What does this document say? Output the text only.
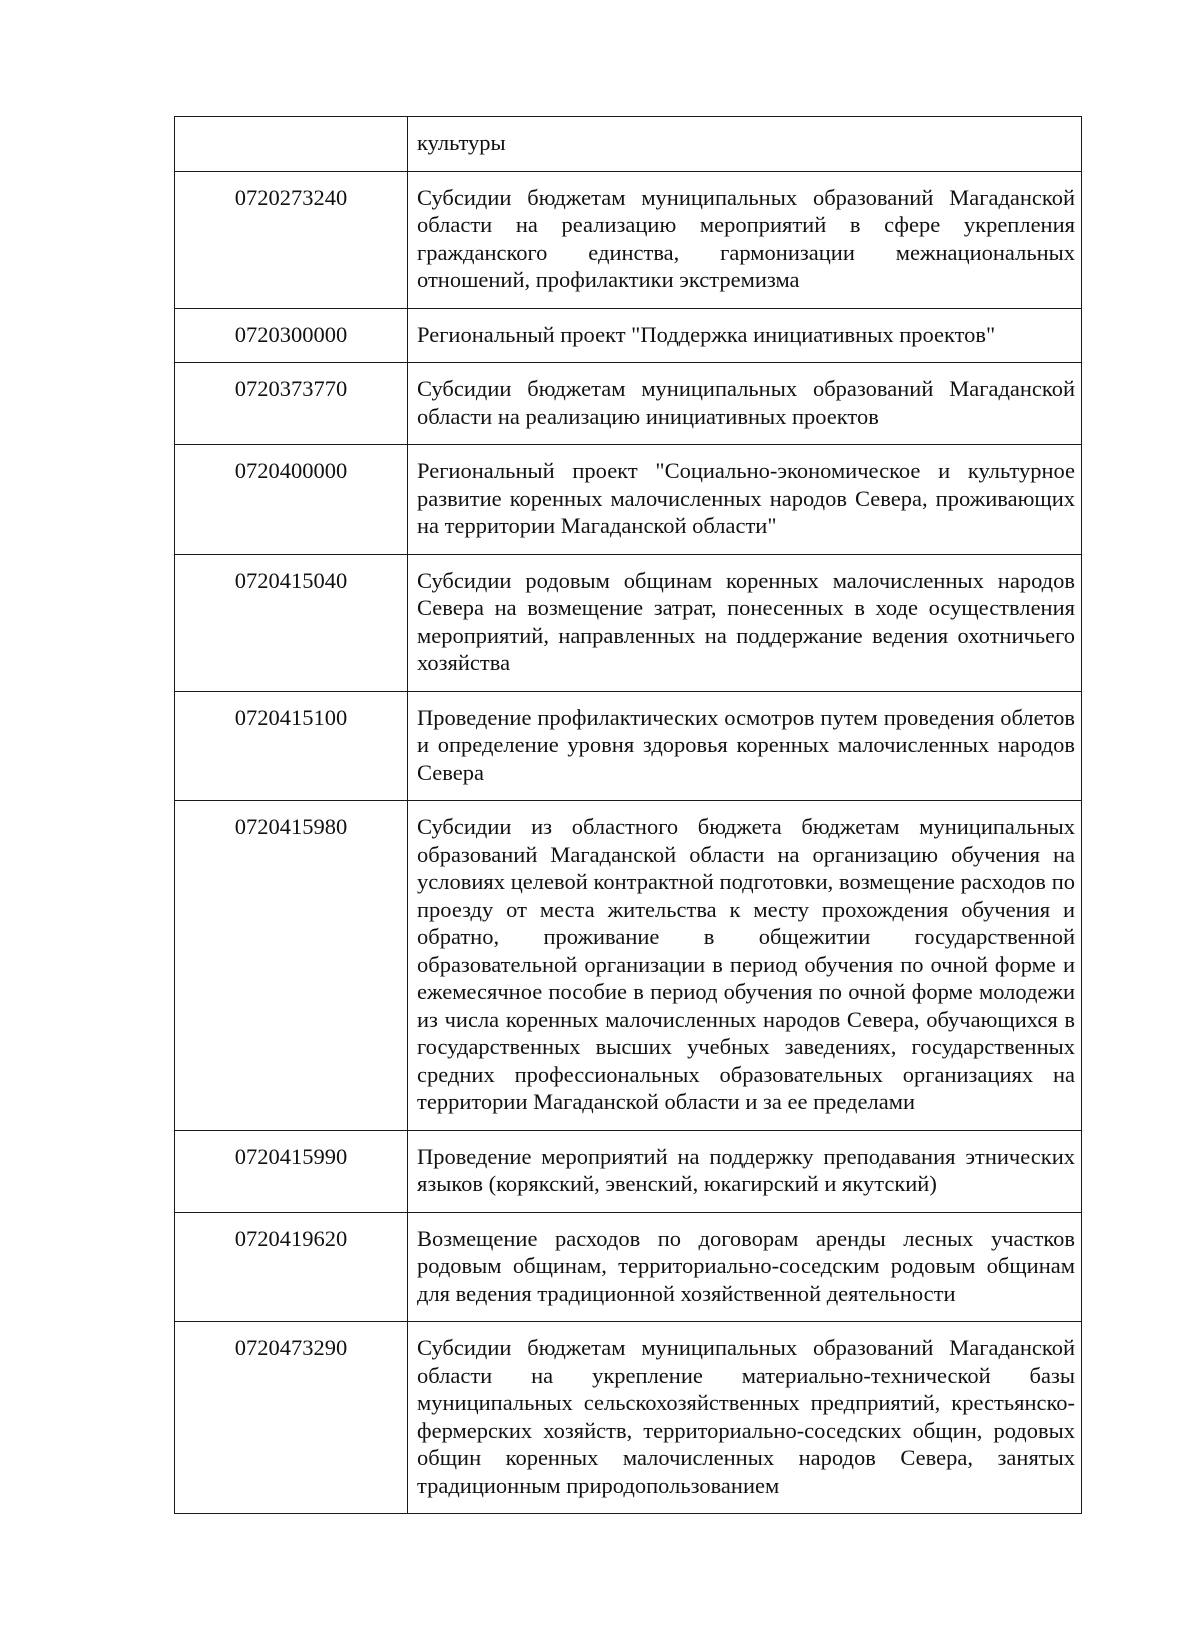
	культуры
0720273240	Субсидии бюджетам муниципальных образований Магаданской области на реализацию мероприятий в сфере укрепления гражданского единства, гармонизации межнациональных отношений, профилактики экстремизма
0720300000	Региональный проект "Поддержка инициативных проектов"
0720373770	Субсидии бюджетам муниципальных образований Магаданской области на реализацию инициативных проектов
0720400000	Региональный проект "Социально-экономическое и культурное развитие коренных малочисленных народов Севера, проживающих на территории Магаданской области"
0720415040	Субсидии родовым общинам коренных малочисленных народов Севера на возмещение затрат, понесенных в ходе осуществления мероприятий, направленных на поддержание ведения охотничьего хозяйства
0720415100	Проведение профилактических осмотров путем проведения облетов и определение уровня здоровья коренных малочисленных народов Севера
0720415980	Субсидии из областного бюджета бюджетам муниципальных образований Магаданской области на организацию обучения на условиях целевой контрактной подготовки, возмещение расходов по проезду от места жительства к месту прохождения обучения и обратно, проживание в общежитии государственной образовательной организации в период обучения по очной форме и ежемесячное пособие в период обучения по очной форме молодежи из числа коренных малочисленных народов Севера, обучающихся в государственных высших учебных заведениях, государственных средних профессиональных образовательных организациях на территории Магаданской области и за ее пределами
0720415990	Проведение мероприятий на поддержку преподавания этнических языков (корякский, эвенский, юкагирский и якутский)
0720419620	Возмещение расходов по договорам аренды лесных участков родовым общинам, территориально-соседским родовым общинам для ведения традиционной хозяйственной деятельности
0720473290	Субсидии бюджетам муниципальных образований Магаданской области на укрепление материально-технической базы муниципальных сельскохозяйственных предприятий, крестьянско-фермерских хозяйств, территориально-соседских общин, родовых общин коренных малочисленных народов Севера, занятых традиционным природопользованием
